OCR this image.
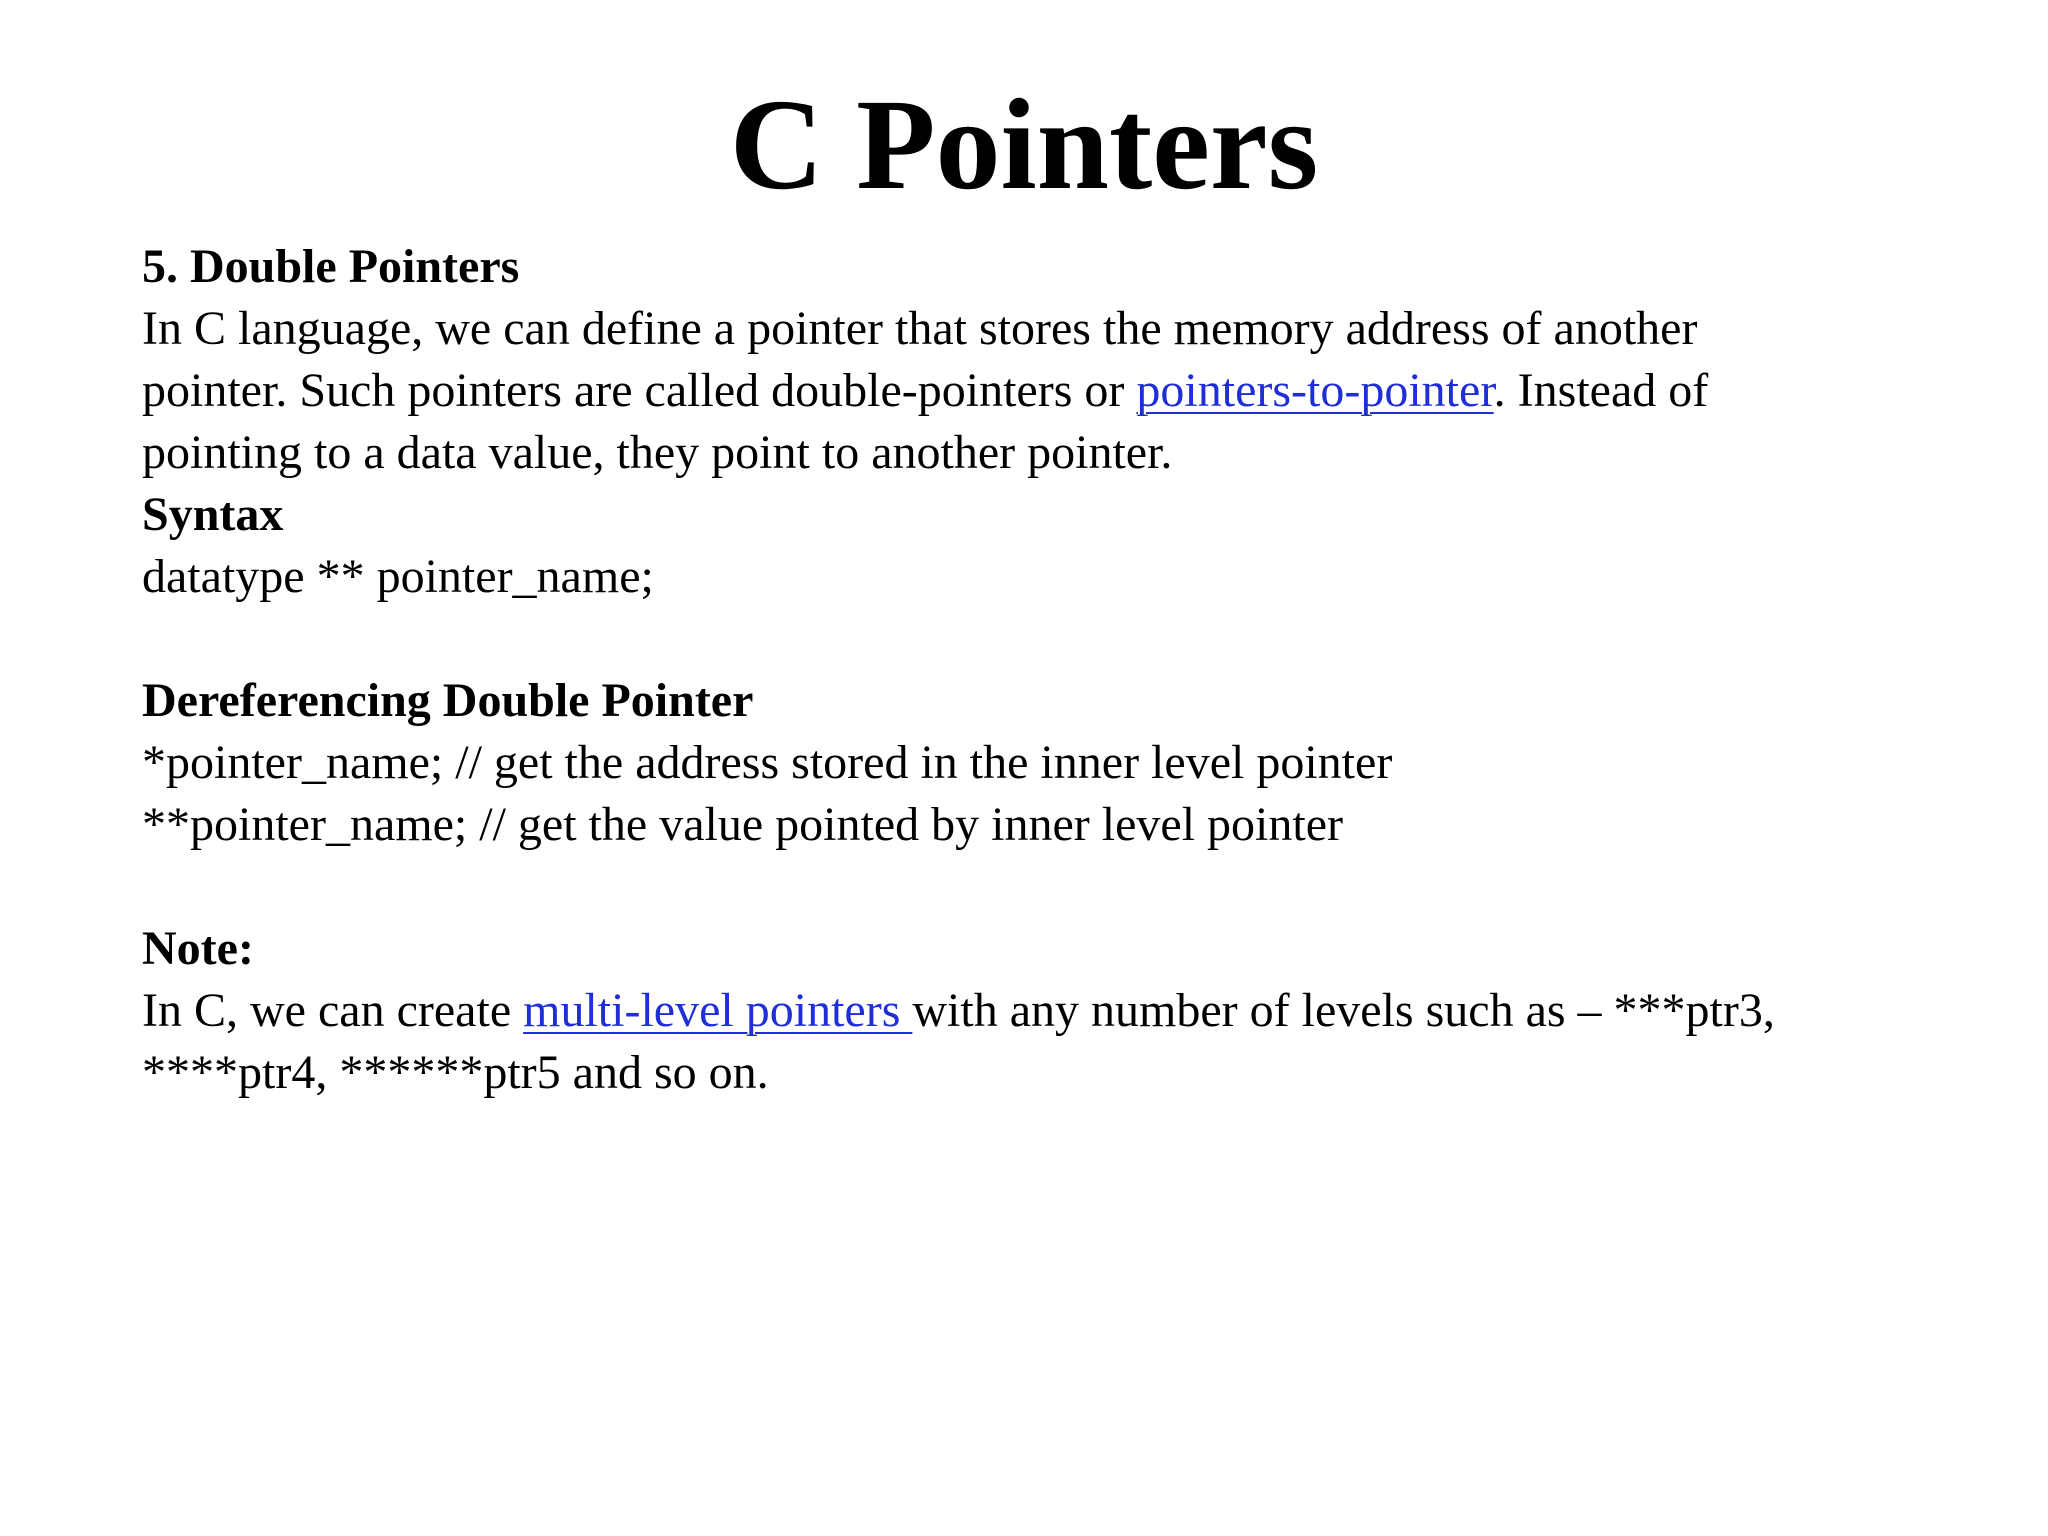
C Pointers
5. Double Pointers
In C language, we can define a pointer that stores the memory address of another
pointer. Such pointers are called double-pointers or pointers-to-pointer. Instead of
pointing to a data value, they point to another pointer.
Syntax
datatype ** pointer_name;
Dereferencing Double Pointer
*pointer_name; // get the address stored in the inner level pointer
**pointer_name; // get the value pointed by inner level pointer
Note:
In C, we can create multi-level pointers with any number of levels such as – ***ptr3,
****ptr4, ******ptr5 and so on.
